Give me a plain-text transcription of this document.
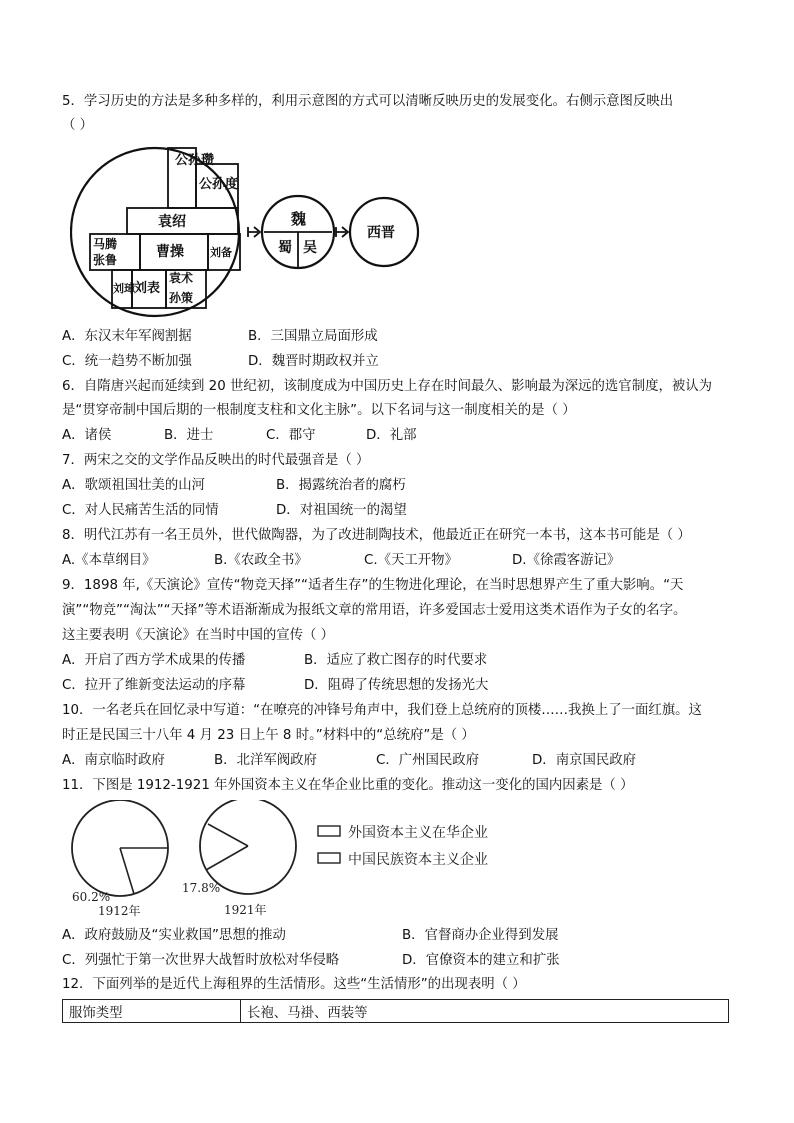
5．学习历史的方法是多种多样的，利用示意图的方式可以清晰反映历史的发展变化。右侧示意图反映出
（ ）
公孙瓒
公孙度
袁绍
马腾
张鲁	曹操 刘备
刘璋 刘表
袁术
孙策
魏
蜀 吴
西晋
A．东汉末年军阀割据	B．三国鼎立局面形成
C．统一趋势不断加强	D．魏晋时期政权并立
6．自隋唐兴起而延续到 20 世纪初，该制度成为中国历史上存在时间最久、影响最为深远的选官制度，被认为
是“贯穿帝制中国后期的一根制度支柱和文化主脉”。以下名词与这一制度相关的是（ ）
A．诸侯	B．进士	C．郡守	D．礼部
7．两宋之交的文学作品反映出的时代最强音是（ ）
A．歌颂祖国壮美的山河	B．揭露统治者的腐朽
C．对人民痛苦生活的同情	D．对祖国统一的渴望
8．明代江苏有一名王员外，世代做陶器，为了改进制陶技术，他最近正在研究一本书，这本书可能是（ ）
A.《本草纲目》	B.《农政全书》	C.《天工开物》	D.《徐霞客游记》
9．1898 年,《天演论》宣传“物竞天择”“适者生存”的生物进化理论，在当时思想界产生了重大影响。“天
演”“物竞”“淘汰”“天择”等术语渐渐成为报纸文章的常用语，许多爱国志士爱用这类术语作为子女的名字。
这主要表明《天演论》在当时中国的宣传（ ）
A．开启了西方学术成果的传播	B．适应了救亡图存的时代要求
C．拉开了维新变法运动的序幕	D．阻碍了传统思想的发扬光大
10．一名老兵在回忆录中写道：“在嘹亮的冲锋号角声中，我们登上总统府的顶楼……我换上了一面红旗。这
时正是民国三十八年 4 月 23 日上午 8 时。”材料中的“总统府”是（ ）
A．南京临时政府	B．北洋军阀政府	C．广州国民政府	D．南京国民政府
11．下图是 1912-1921 年外国资本主义在华企业比重的变化。推动这一变化的国内因素是（ ）
60.2%
1912年
17.8%
1921年
外国资本主义在华企业
中国民族资本主义企业
A．政府鼓励及“实业救国”思想的推动	B．官督商办企业得到发展
C．列强忙于第一次世界大战暂时放松对华侵略	D．官僚资本的建立和扩张
12．下面列举的是近代上海租界的生活情形。这些“生活情形”的出现表明（ ）
服饰类型	长袍、马褂、西装等
